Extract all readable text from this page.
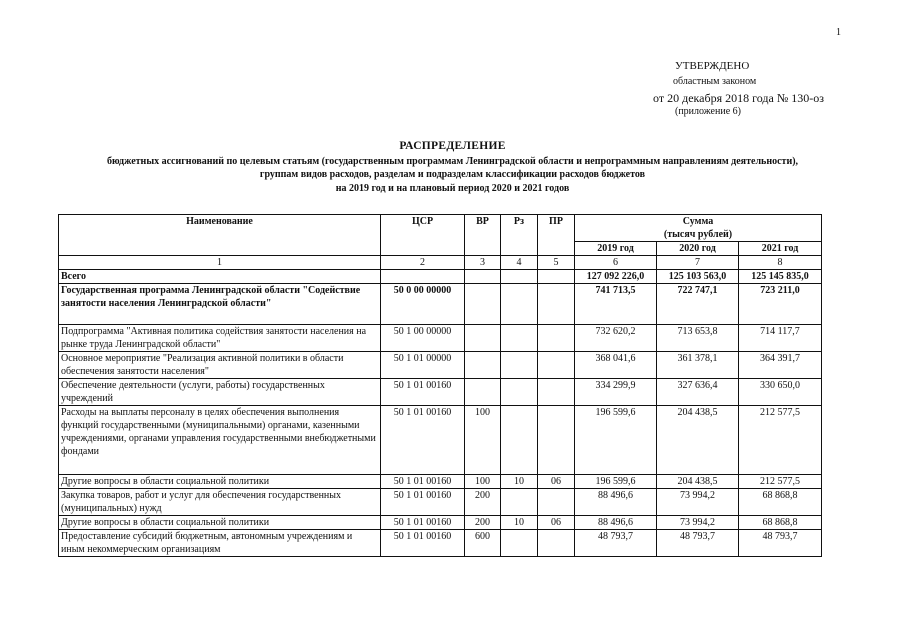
1
УТВЕРЖДЕНО
областным законом
от 20 декабря 2018 года № 130-оз
(приложение 6)
РАСПРЕДЕЛЕНИЕ
бюджетных ассигнований по целевым статьям (государственным программам Ленинградской области и непрограммным направлениям деятельности),
группам видов расходов, разделам и подразделам классификации расходов бюджетов
на 2019 год и на плановый период 2020 и 2021 годов
Наименование	ЦСР	ВР	Рз	ПР	Сумма
(тысяч рублей)		

					2019 год	2020 год	2021 год
1	2	3	4	5	6	7	8
Всего					127 092 226,0	125 103 563,0	125 145 835,0
Государственная программа Ленинградской области "Содействие занятости населения Ленинградской области"	50 0 00 00000				741 713,5	722 747,1	723 211,0
Подпрограмма "Активная политика содействия занятости населения на рынке труда Ленинградской области"	50 1 00 00000				732 620,2	713 653,8	714 117,7
Основное мероприятие "Реализация активной политики в области обеспечения занятости населения"	50 1 01 00000				368 041,6	361 378,1	364 391,7
Обеспечение деятельности (услуги, работы) государственных учреждений	50 1 01 00160				334 299,9	327 636,4	330 650,0
Расходы на выплаты персоналу в целях обеспечения выполнения функций государственными (муниципальными) органами, казенными учреждениями, органами управления государственными внебюджетными фондами	50 1 01 00160	100			196 599,6	204 438,5	212 577,5
Другие вопросы в области социальной политики	50 1 01 00160	100	10	06	196 599,6	204 438,5	212 577,5
Закупка товаров, работ и услуг для обеспечения государственных (муниципальных) нужд	50 1 01 00160	200			88 496,6	73 994,2	68 868,8
Другие вопросы в области социальной политики	50 1 01 00160	200	10	06	88 496,6	73 994,2	68 868,8
Предоставление субсидий бюджетным, автономным учреждениям и иным некоммерческим организациям	50 1 01 00160	600			48 793,7	48 793,7	48 793,7
